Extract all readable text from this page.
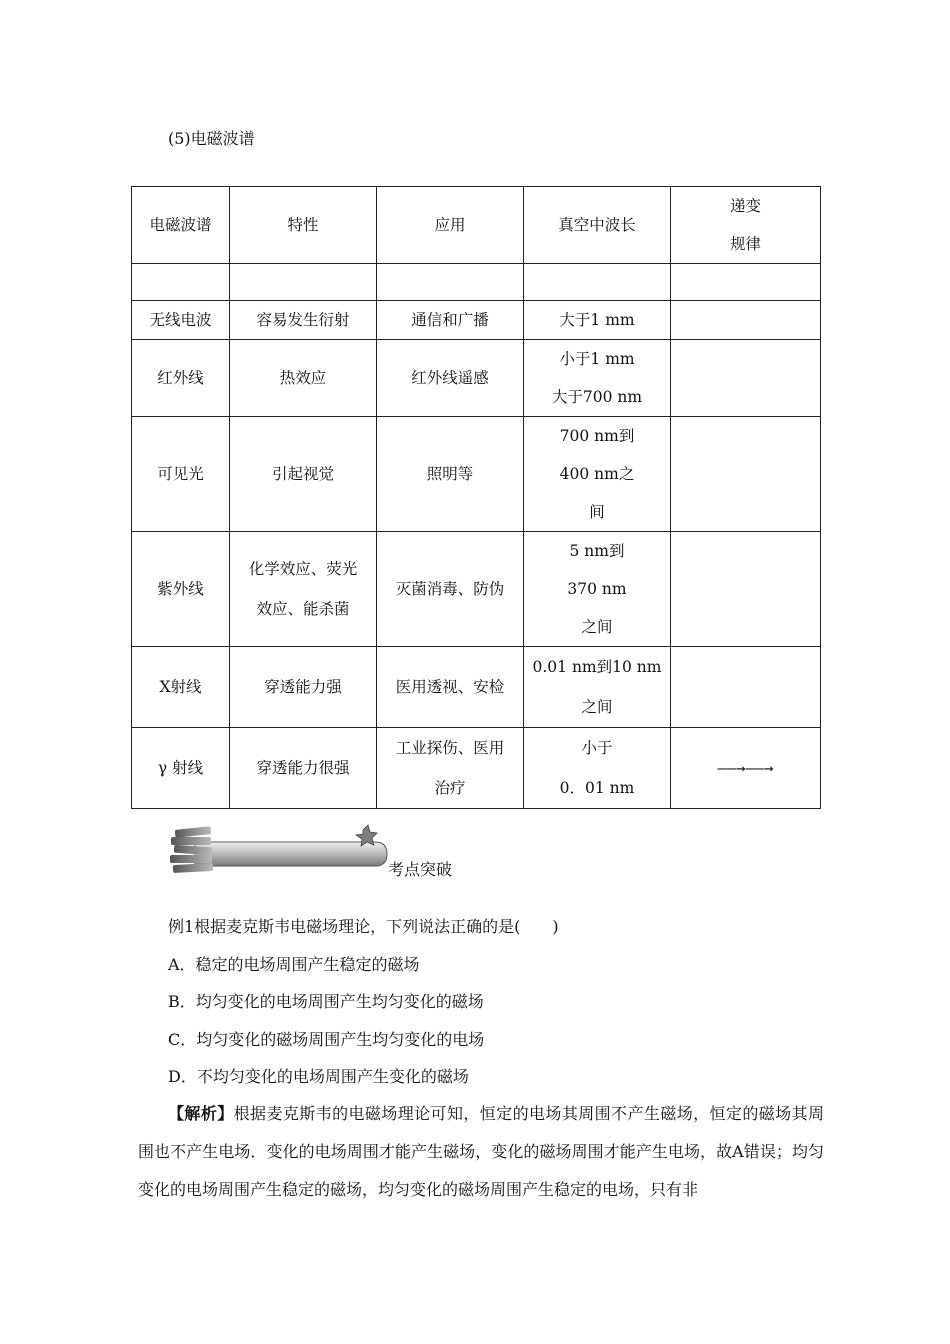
(5)电磁波谱
电磁波谱	特性	应用	真空中波长	递变
规律

无线电波	容易发生衍射	通信和广播	大于1 mm	
红外线	热效应	红外线遥感	小于1 mm
大于700 nm	
可见光	引起视觉	照明等	700 nm到
400 nm之
间	
紫外线	化学效应、荧光
效应、能杀菌	灭菌消毒、防伪	5 nm到
370 nm
之间	
X射线	穿透能力强	医用透视、安检	0.01 nm到10 nm
之间	
γ 射线	穿透能力很强	工业探伤、医用
治疗	小于
0．01 nm	——→——→
考点突破
例1根据麦克斯韦电磁场理论，下列说法正确的是(　　)
A．稳定的电场周围产生稳定的磁场
B．均匀变化的电场周围产生均匀变化的磁场
C．均匀变化的磁场周围产生均匀变化的电场
D．不均匀变化的电场周围产生变化的磁场
【解析】根据麦克斯韦的电磁场理论可知，恒定的电场其周围不产生磁场，恒定的磁场其周围也不产生电场．变化的电场周围才能产生磁场，变化的磁场周围才能产生电场，故A错误；均匀变化的电场周围产生稳定的磁场，均匀变化的磁场周围产生稳定的电场，只有非
